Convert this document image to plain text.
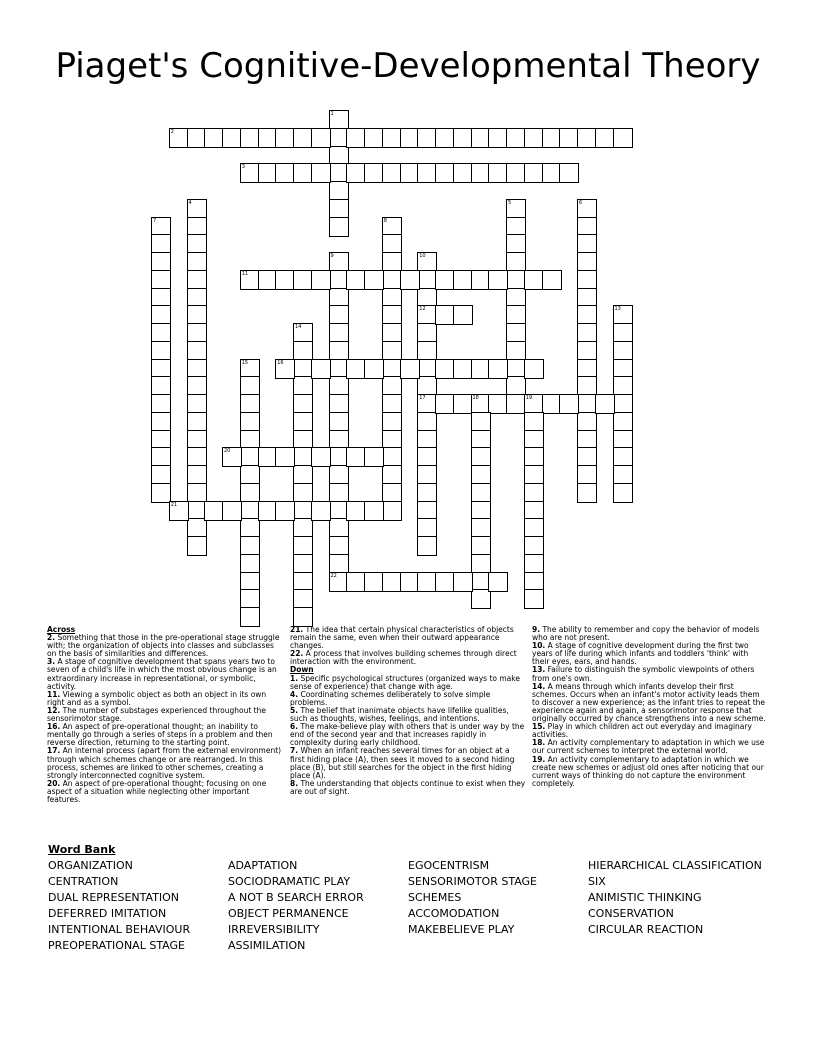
Piaget's Cognitive-Developmental Theory
1
2
3
4	5	6
7	8
9	10
12
17
11
13
14
15	16
18	19
20
21
22
Across
2. Something that those in the pre-operational stage struggle with; the organization of objects into classes and subclasses on the basis of similarities and differences.
3. A stage of cognitive development that spans years two to seven of a child's life in which the most obvious change is an extraordinary increase in representational, or symbolic, activity.
11. Viewing a symbolic object as both an object in its own right and as a symbol.
12. The number of substages experienced throughout the sensorimotor stage.
16. An aspect of pre-operational thought; an inability to mentally go through a series of steps in a problem and then reverse direction, returning to the starting point.
17. An internal process (apart from the external environment) through which schemes change or are rearranged. In this process, schemes are linked to other schemes, creating a strongly interconnected cognitive system.
20. An aspect of pre-operational thought; focusing on one aspect of a situation while neglecting other important features.
21. The idea that certain physical characteristics of objects remain the same, even when their outward appearance changes.
22. A process that involves building schemes through direct interaction with the environment.
Down
1. Specific psychological structures (organized ways to make sense of experience) that change with age.
4. Coordinating schemes deliberately to solve simple problems.
5. The belief that inanimate objects have lifelike qualities, such as thoughts, wishes, feelings, and intentions.
6. The make-believe play with others that is under way by the end of the second year and that increases rapidly in complexity during early childhood.
7. When an infant reaches several times for an object at a first hiding place (A), then sees it moved to a second hiding place (B), but still searches for the object in the first hiding place (A).
8. The understanding that objects continue to exist when they are out of sight.
9. The ability to remember and copy the behavior of models who are not present.
10. A stage of cognitive development during the first two years of life during which infants and toddlers 'think' with their eyes, ears, and hands.
13. Failure to distinguish the symbolic viewpoints of others from one's own.
14. A means through which infants develop their first schemes. Occurs when an infant's motor activity leads them to discover a new experience; as the infant tries to repeat the experience again and again, a sensorimotor response that originally occurred by chance strengthens into a new scheme.
15. Play in which children act out everyday and imaginary activities.
18. An activity complementary to adaptation in which we use our current schemes to interpret the external world.
19. An activity complementary to adaptation in which we create new schemes or adjust old ones after noticing that our current ways of thinking do not capture the environment completely.
Word Bank
ORGANIZATION	ADAPTATION	EGOCENTRISM	HIERARCHICAL CLASSIFICATION
CENTRATION	SOCIODRAMATIC PLAY	SENSORIMOTOR STAGE	SIX
DUAL REPRESENTATION	A NOT B SEARCH ERROR	SCHEMES	ANIMISTIC THINKING
DEFERRED IMITATION	OBJECT PERMANENCE	ACCOMODATION	CONSERVATION
INTENTIONAL BEHAVIOUR	IRREVERSIBILITY	MAKEBELIEVE PLAY	CIRCULAR REACTION
PREOPERATIONAL STAGE	ASSIMILATION
